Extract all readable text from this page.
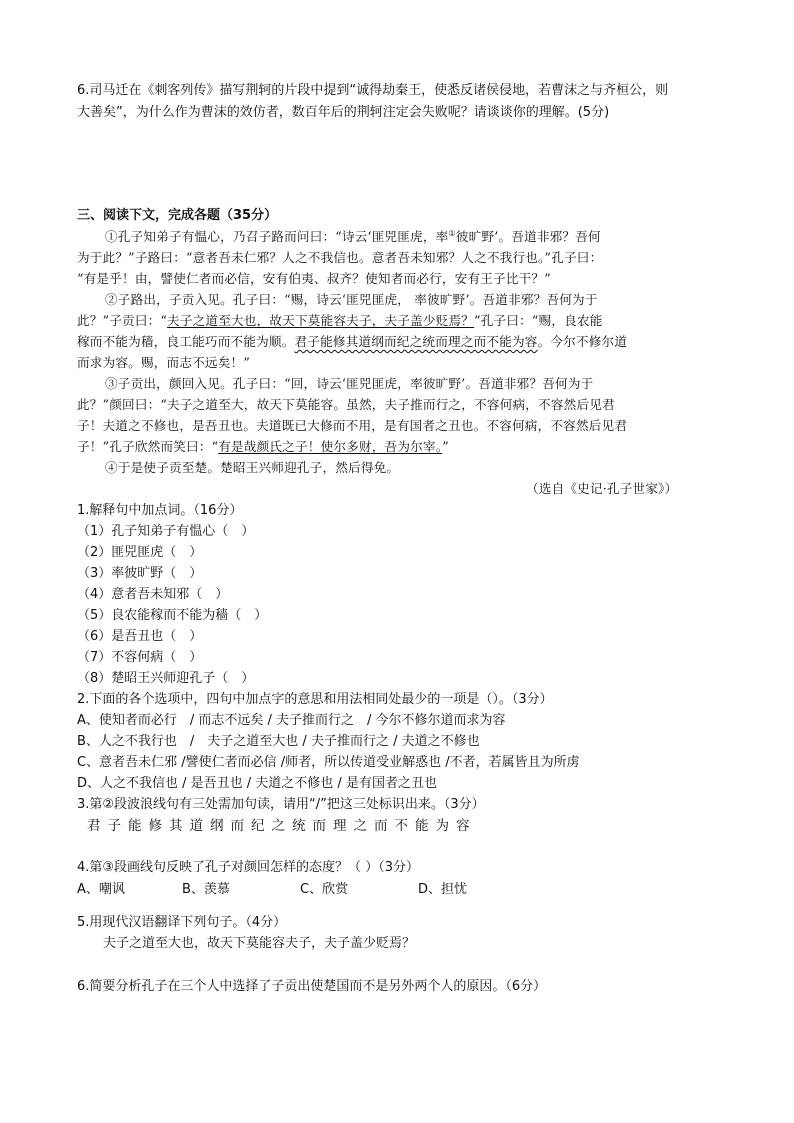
6.司马迁在《刺客列传》描写荆轲的片段中提到“诚得劫秦王，使悉反诸侯侵地，若曹沫之与齐桓公，则
大善矣”，为什么作为曹沫的效仿者，数百年后的荆轲注定会失败呢？请谈谈你的理解。(5分)
三、阅读下文，完成各题（35分）
①孔子知弟子有愠心，乃召子路而问曰：“诗云‘匪兕匪虎，率①彼旷野’。吾道非邪？吾何
为于此？”子路曰：“意者吾未仁邪？人之不我信也。意者吾未知邪？人之不我行也。”孔子曰：
“有是乎！由，譬使仁者而必信，安有伯夷、叔齐？使知者而必行，安有王子比干？”
②子路出，子贡入见。孔子曰：“赐，诗云‘匪兕匪虎， 率彼旷野’。吾道非邪？吾何为于
此？”子贡曰：“夫子之道至大也，故天下莫能容夫子，夫子盖少贬焉？”孔子曰：“赐，良农能
稼而不能为穑，良工能巧而不能为顺。君子能修其道纲而纪之统而理之而不能为容。今尔不修尔道
而求为容。赐，而志不远矣！”
③子贡出，颜回入见。孔子曰：“回，诗云‘匪兕匪虎，率彼旷野’。吾道非邪？吾何为于
此？”颜回曰：“夫子之道至大，故天下莫能容。虽然，夫子推而行之，不容何病，不容然后见君
子！夫道之不修也，是吾丑也。夫道既已大修而不用，是有国者之丑也。不容何病，不容然后见君
子！”孔子欣然而笑曰：“有是哉颜氏之子！使尔多财，吾为尔宰。”
④于是使子贡至楚。楚昭王兴师迎孔子，然后得免。
（选自《史记·孔子世家》）
1.解释句中加点词。（16分）
（1）孔子知弟子有愠心（　）
（2）匪兕匪虎（　）
（3）率彼旷野（　）
（4）意者吾未知邪（　）
（5）良农能稼而不能为穑（　）
（6）是吾丑也（　）
（7）不容何病（　）
（8）楚昭王兴师迎孔子（　）
2.下面的各个选项中，四句中加点字的意思和用法相同处最少的一项是（）。（3分）
A、使知者而必行　/ 而志不远矣 / 夫子推而行之　/ 今尔不修尔道而求为容
B、人之不我行也　/　夫子之道至大也 / 夫子推而行之 / 夫道之不修也
C、意者吾未仁邪 /譬使仁者而必信 /师者，所以传道受业解惑也 /不者，若属皆且为所虏
D、人之不我信也 / 是吾丑也 / 夫道之不修也 / 是有国者之丑也
3.第②段波浪线句有三处需加句读，请用“/”把这三处标识出来。（3分）
君子能修其道纲而纪之统而理之而不能为容
4.第③段画线句反映了孔子对颜回怎样的态度？（ ）（3分）
A、嘲讽	B、羡慕	C、欣赏	D、担忧
5.用现代汉语翻译下列句子。（4分）
夫子之道至大也，故天下莫能容夫子，夫子盖少贬焉？
6.简要分析孔子在三个人中选择了子贡出使楚国而不是另外两个人的原因。（6分）
